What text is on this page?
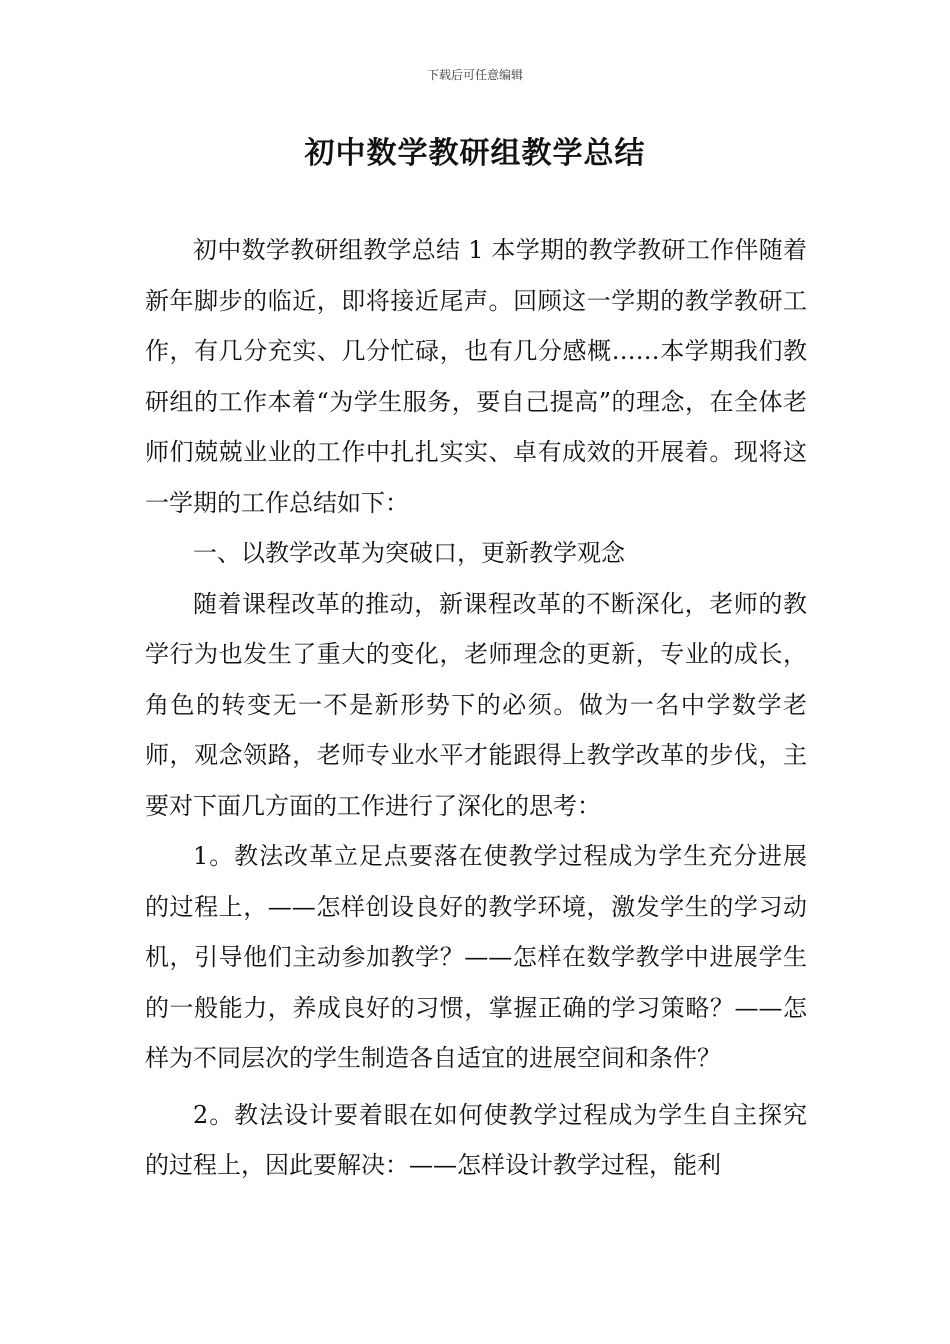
下载后可任意编辑
初中数学教研组教学总结

初中数学教研组教学总结 1 本学期的教学教研工作伴随着新年脚步的临近，即将接近尾声。回顾这一学期的教学教研工作，有几分充实、几分忙碌，也有几分感概……本学期我们教研组的工作本着“为学生服务，要自己提高”的理念，在全体老师们兢兢业业的工作中扎扎实实、卓有成效的开展着。现将这一学期的工作总结如下：

一、以教学改革为突破口，更新教学观念

随着课程改革的推动，新课程改革的不断深化，老师的教学行为也发生了重大的变化，老师理念的更新，专业的成长，角色的转变无一不是新形势下的必须。做为一名中学数学老师，观念领路，老师专业水平才能跟得上教学改革的步伐，主要对下面几方面的工作进行了深化的思考：

1。教法改革立足点要落在使教学过程成为学生充分进展的过程上，——怎样创设良好的教学环境，激发学生的学习动机，引导他们主动参加教学？——怎样在数学教学中进展学生的一般能力，养成良好的习惯，掌握正确的学习策略？——怎样为不同层次的学生制造各自适宜的进展空间和条件？

2。教法设计要着眼在如何使教学过程成为学生自主探究的过程上，因此要解决：——怎样设计教学过程，能利
